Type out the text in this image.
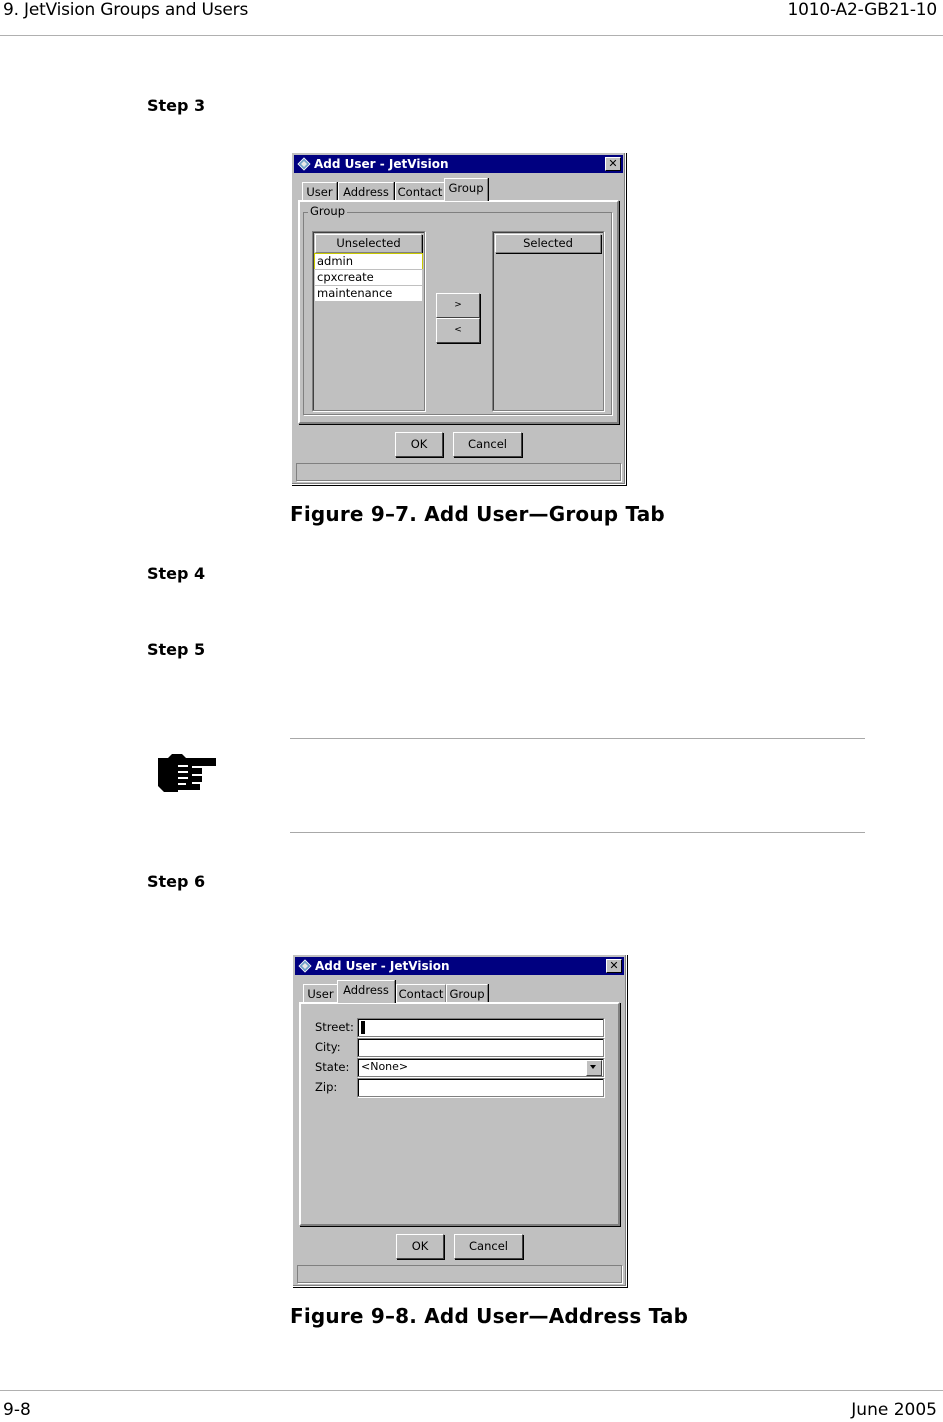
9. JetVision Groups and Users	1010-A2-GB21-10
Step 3
Add User - JetVision	✕
User Address Contact Group
Group
Unselected
admin
cpxcreate
maintenance
>
<
Selected
OK	Cancel
Figure 9–7. Add User—Group Tab
Step 4
Step 5
Step 6
Add User - JetVision	✕
User Address Contact Group
Street:
City:
State:	<None>
Zip:
OK	Cancel
Figure 9–8. Add User—Address Tab
9-8	June 2005
